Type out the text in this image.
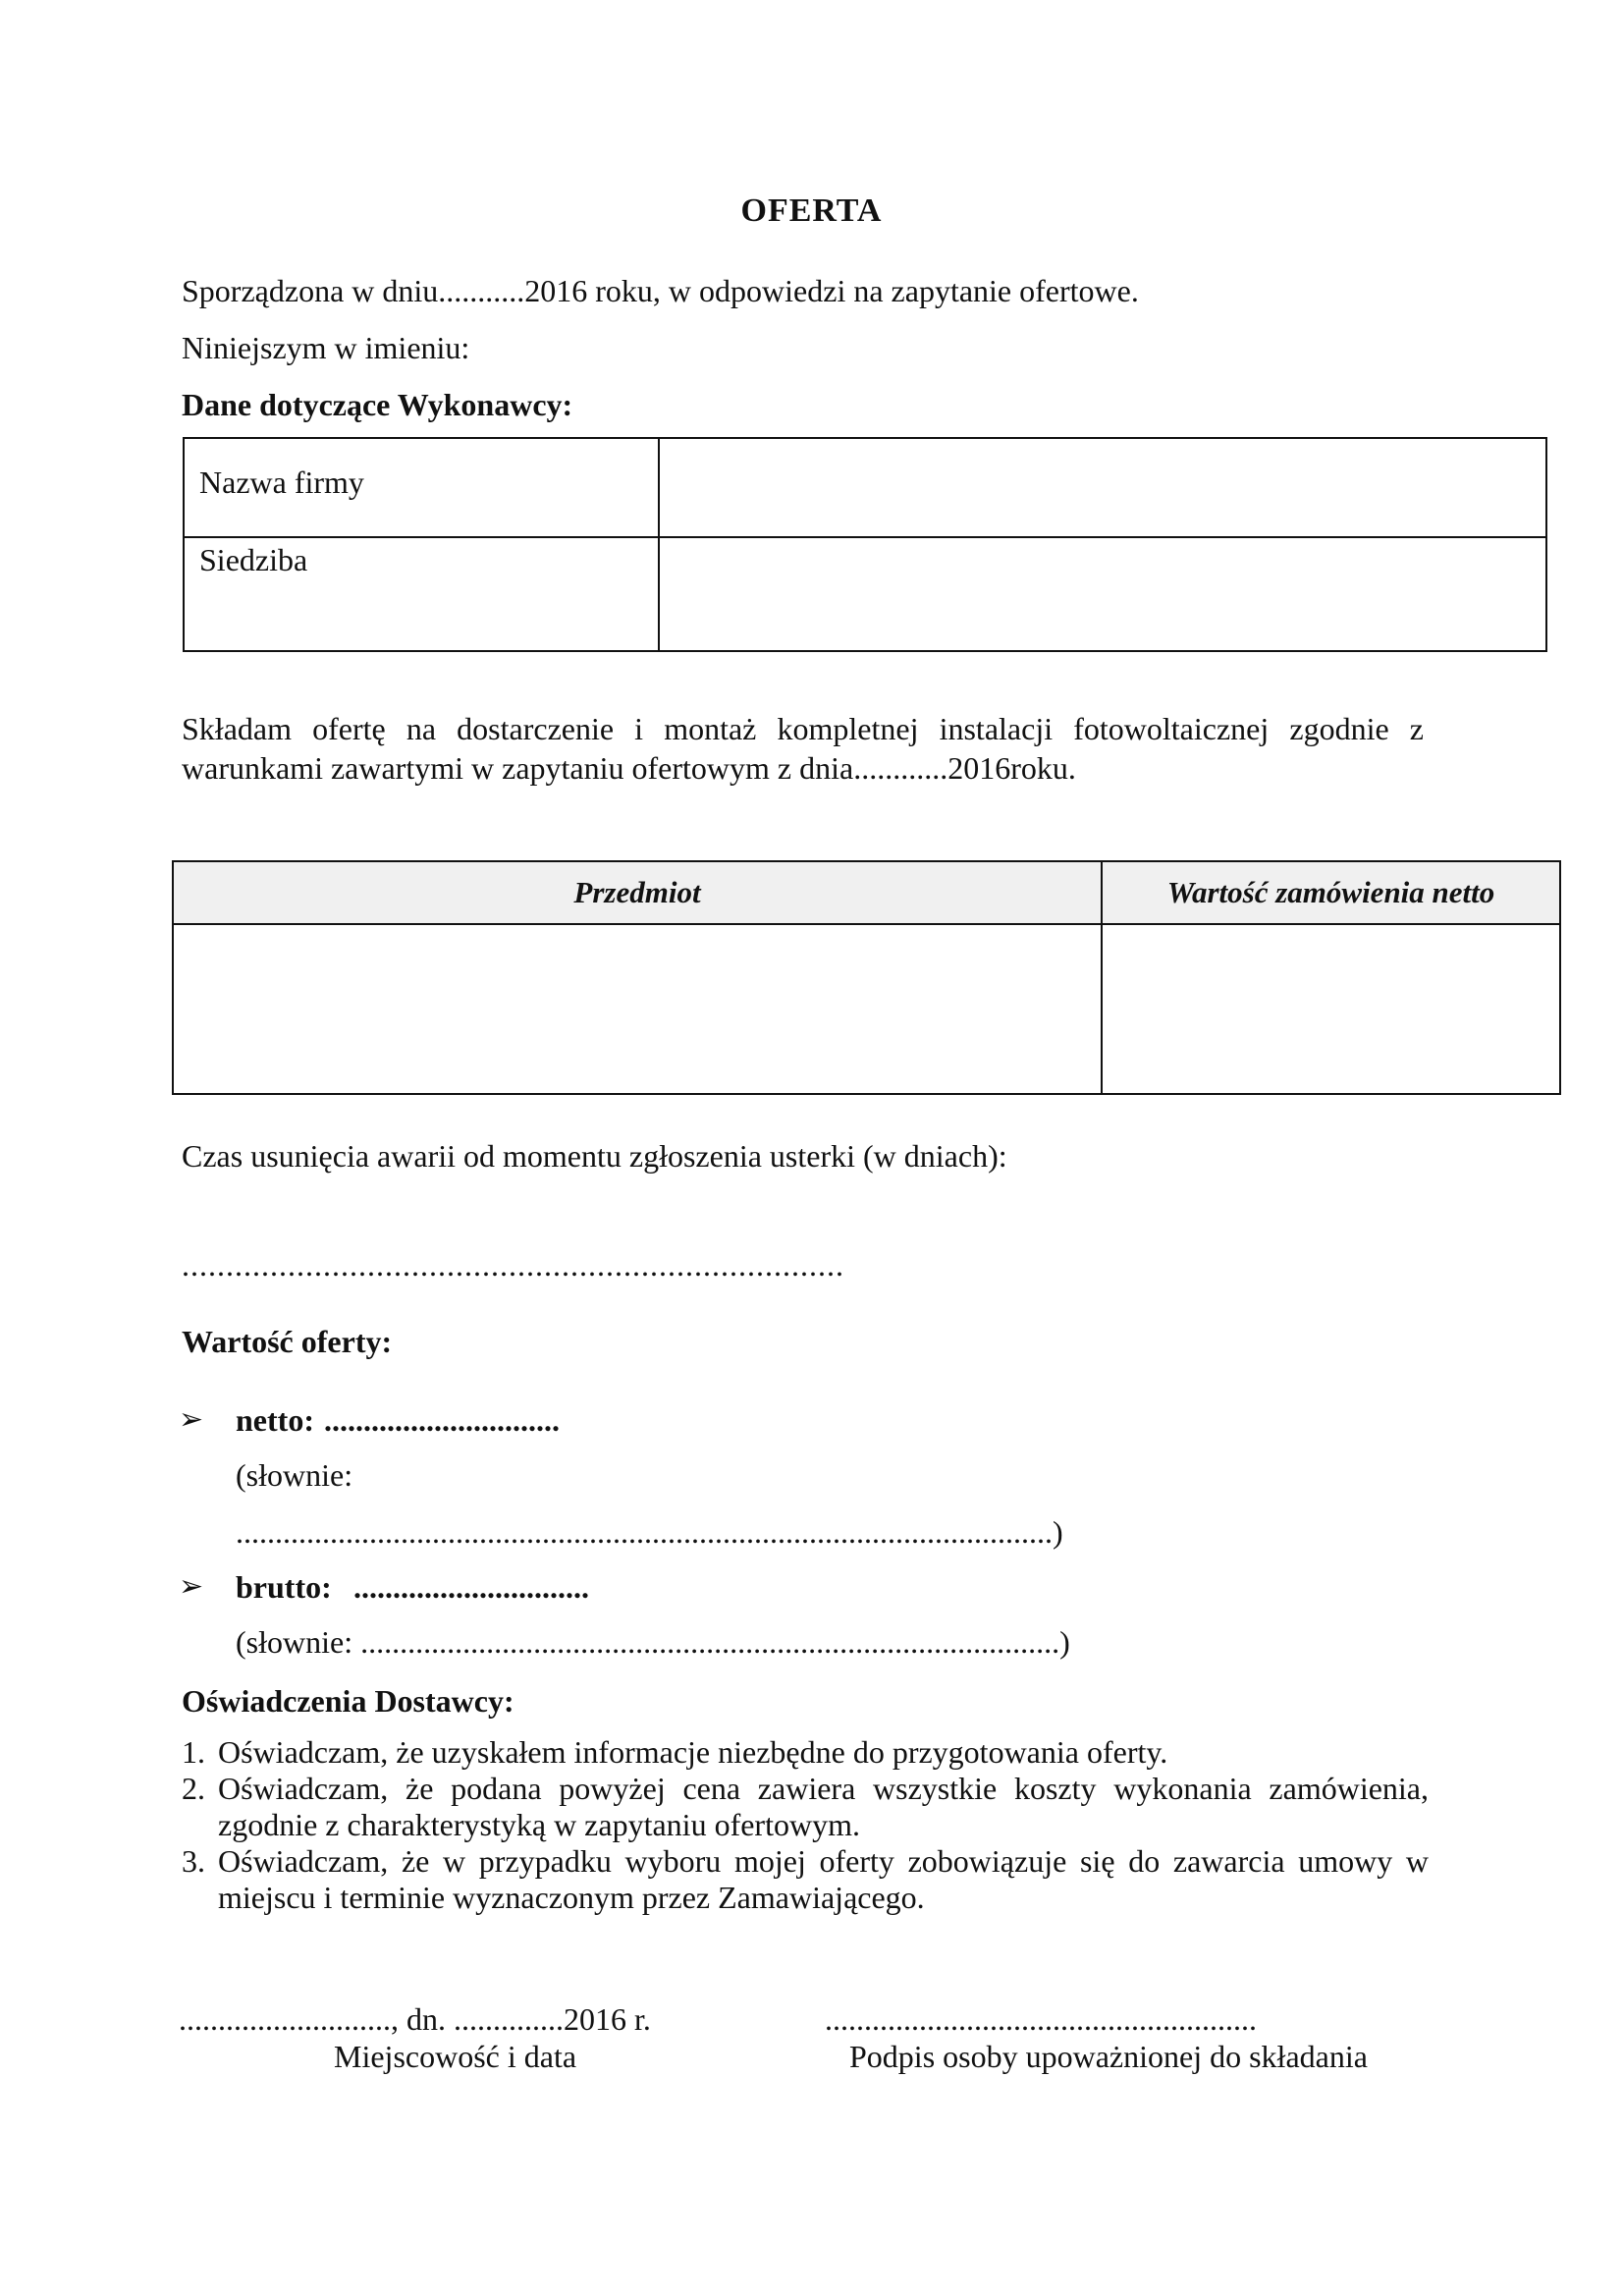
OFERTA
Sporządzona w dniu...........2016 roku, w odpowiedzi na zapytanie ofertowe.
Niniejszym w imieniu:
Dane dotyczące Wykonawcy:
Nazwa firmy	
Siedziba	
Składam ofertę na dostarczenie i montaż kompletnej instalacji fotowoltaicznej zgodnie z warunkami zawartymi w zapytaniu ofertowym z dnia............2016roku.
Przedmiot	Wartość zamówienia netto

Czas usunięcia awarii od momentu zgłoszenia usterki (w dniach):
...........................................................................
Wartość oferty:
➢ netto: ..............................
(słownie:
........................................................................................................)
➢ brutto: ..............................
(słownie: .........................................................................................)
Oświadczenia Dostawcy:
1. Oświadczam, że uzyskałem informacje niezbędne do przygotowania oferty.
2. Oświadczam, że podana powyżej cena zawiera wszystkie koszty wykonania zamówienia, zgodnie z charakterystyką w zapytaniu ofertowym.
3. Oświadczam, że w przypadku wyboru mojej oferty zobowiązuje się do zawarcia umowy w miejscu i terminie wyznaczonym przez Zamawiającego.
..........................., dn. ..............2016 r.	.......................................................
Miejscowość i data	Podpis osoby upoważnionej do składania
